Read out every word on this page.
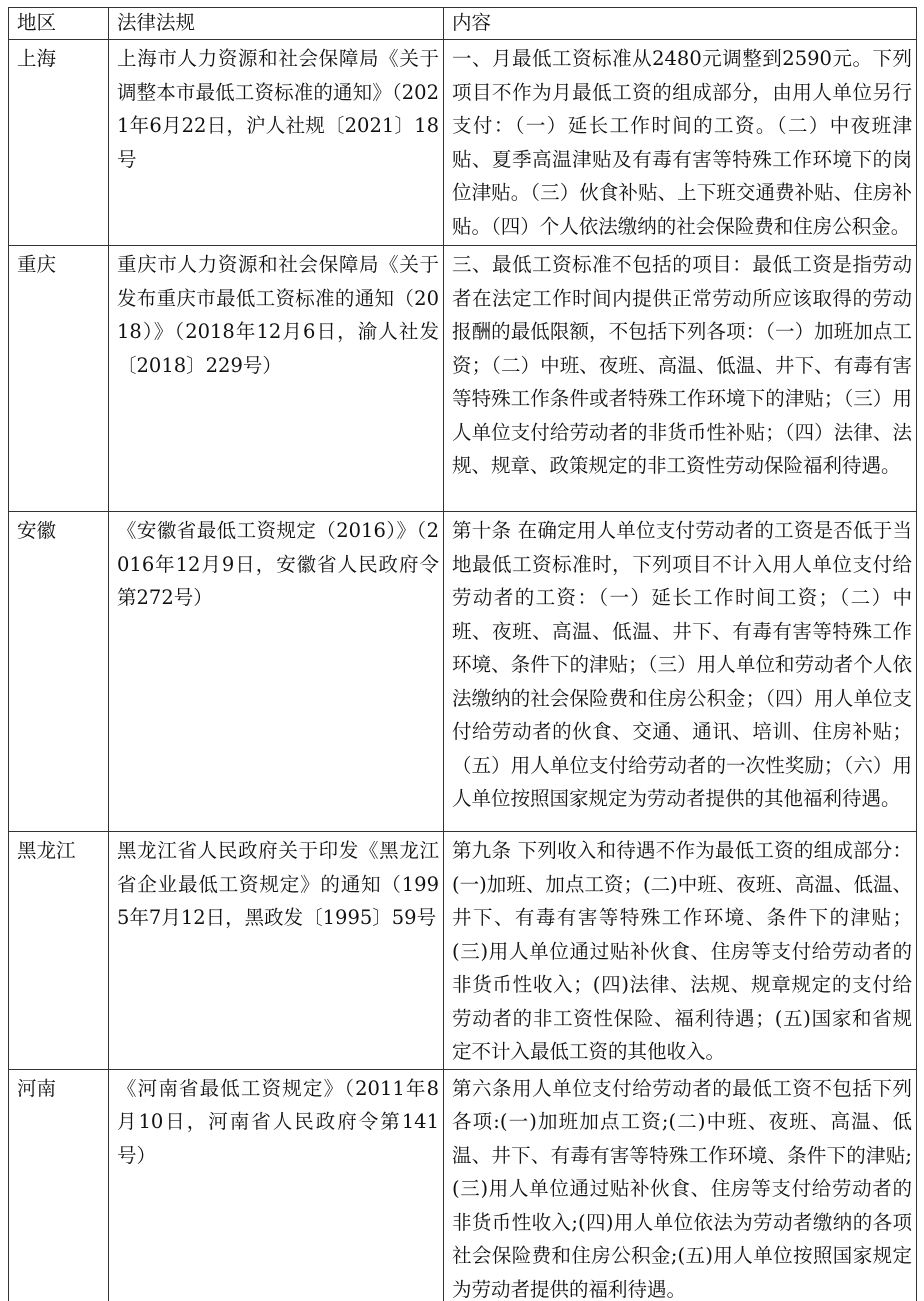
地区	法律法规	内容
上海	上海市人力资源和社会保障局《关于调整本市最低工资标准的通知》（2021年6月22日，沪人社规〔2021〕18号	一、月最低工资标准从2480元调整到2590元。下列项目不作为月最低工资的组成部分，由用人单位另行支付：（一）延长工作时间的工资。（二）中夜班津贴、夏季高温津贴及有毒有害等特殊工作环境下的岗位津贴。（三）伙食补贴、上下班交通费补贴、住房补贴。（四）个人依法缴纳的社会保险费和住房公积金。
重庆	重庆市人力资源和社会保障局《关于发布重庆市最低工资标准的通知（2018）》（2018年12月6日，渝人社发〔2018〕229号）	三、最低工资标准不包括的项目：最低工资是指劳动者在法定工作时间内提供正常劳动所应该取得的劳动报酬的最低限额，不包括下列各项：（一）加班加点工资；（二）中班、夜班、高温、低温、井下、有毒有害等特殊工作条件或者特殊工作环境下的津贴；（三）用人单位支付给劳动者的非货币性补贴；（四）法律、法规、规章、政策规定的非工资性劳动保险福利待遇。
安徽	《安徽省最低工资规定（2016）》（2016年12月9日，安徽省人民政府令第272号）	第十条 在确定用人单位支付劳动者的工资是否低于当地最低工资标准时，下列项目不计入用人单位支付给劳动者的工资：（一）延长工作时间工资；（二）中班、夜班、高温、低温、井下、有毒有害等特殊工作环境、条件下的津贴；（三）用人单位和劳动者个人依法缴纳的社会保险费和住房公积金；（四）用人单位支付给劳动者的伙食、交通、通讯、培训、住房补贴；（五）用人单位支付给劳动者的一次性奖励；（六）用人单位按照国家规定为劳动者提供的其他福利待遇。
黑龙江	黑龙江省人民政府关于印发《黑龙江省企业最低工资规定》的通知（1995年7月12日，黑政发〔1995〕59号	第九条 下列收入和待遇不作为最低工资的组成部分：(一)加班、加点工资；(二)中班、夜班、高温、低温、井下、有毒有害等特殊工作环境、条件下的津贴；(三)用人单位通过贴补伙食、住房等支付给劳动者的非货币性收入；(四)法律、法规、规章规定的支付给劳动者的非工资性保险、福利待遇；(五)国家和省规定不计入最低工资的其他收入。
河南	《河南省最低工资规定》（2011年8月10日，河南省人民政府令第141号）	第六条用人单位支付给劳动者的最低工资不包括下列各项:(一)加班加点工资;(二)中班、夜班、高温、低温、井下、有毒有害等特殊工作环境、条件下的津贴;(三)用人单位通过贴补伙食、住房等支付给劳动者的非货币性收入;(四)用人单位依法为劳动者缴纳的各项社会保险费和住房公积金;(五)用人单位按照国家规定为劳动者提供的福利待遇。
